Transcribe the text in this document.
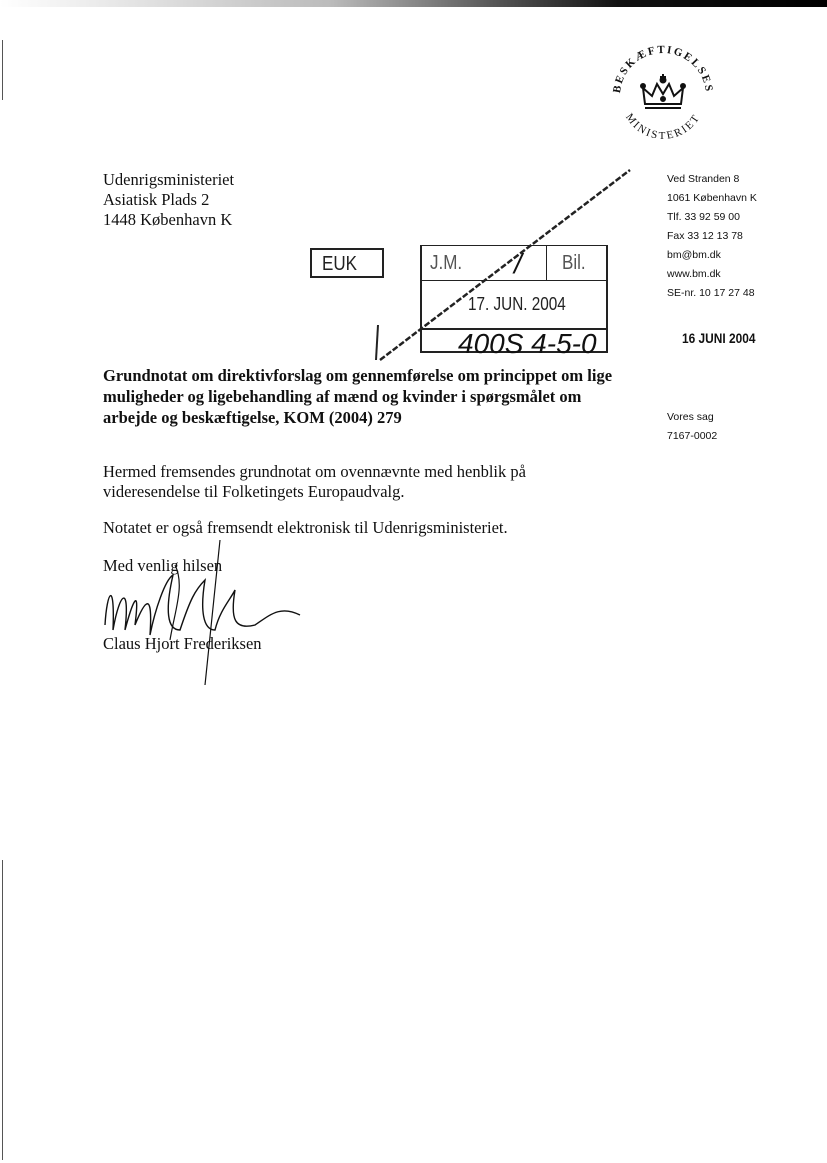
BESKÆFTIGELSES
MINISTERIET
Udenrigsministeriet
Asiatisk Plads 2
1448 København K
Ved Stranden 8
1061 København K
Tlf. 33 92 59 00
Fax 33 12 13 78
bm@bm.dk
www.bm.dk
SE-nr. 10 17 27 48
16 JUNI 2004
Vores sag
7167-0002
EUK	J.M. / Bil.
17. JUN. 2004
400S 4-5-0
Grundnotat om direktivforslag om gennemførelse om princippet om lige muligheder og ligebehandling af mænd og kvinder i spørgsmålet om arbejde og beskæftigelse, KOM (2004) 279
Hermed fremsendes grundnotat om ovennævnte med henblik på
videresendelse til Folketingets Europaudvalg.
Notatet er også fremsendt elektronisk til Udenrigsministeriet.
Med venlig hilsen
Claus Hjort Frederiksen
